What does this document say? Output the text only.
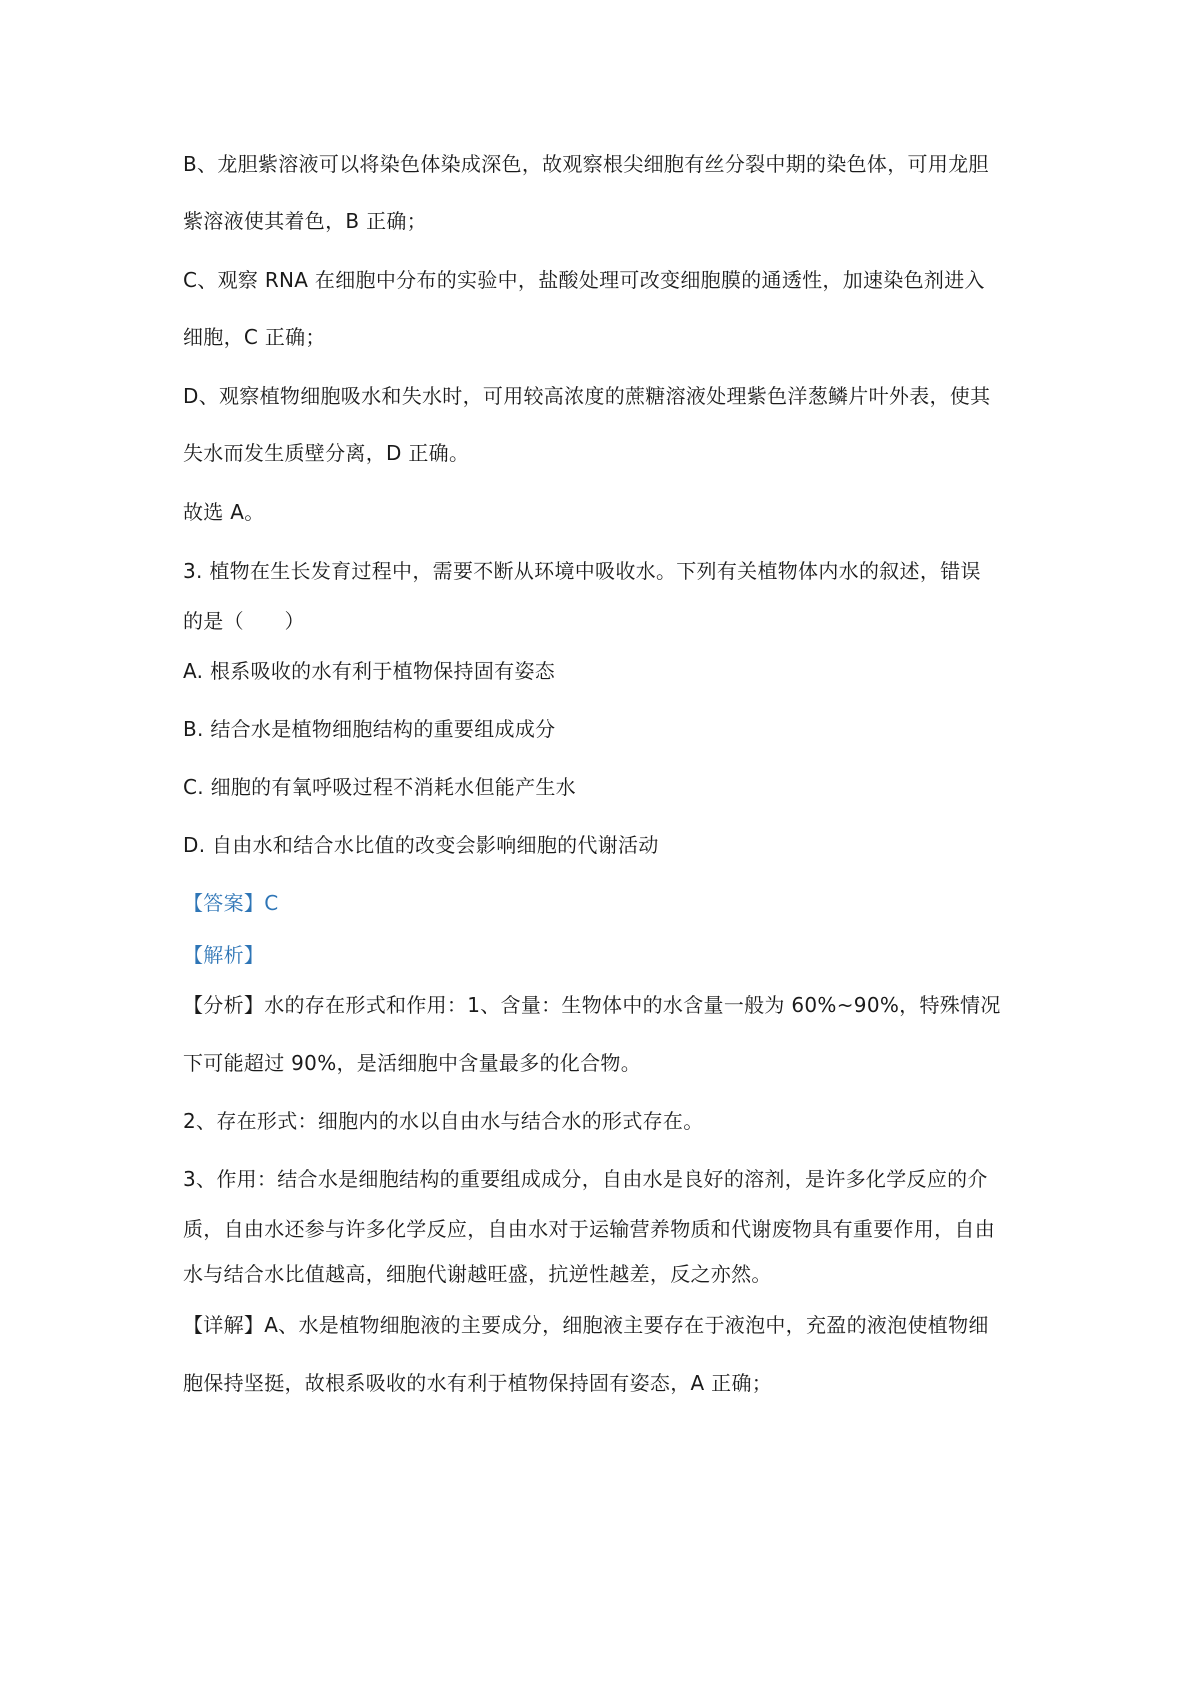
B、龙胆紫溶液可以将染色体染成深色，故观察根尖细胞有丝分裂中期的染色体，可用龙胆
紫溶液使其着色，B 正确；
C、观察 RNA 在细胞中分布的实验中，盐酸处理可改变细胞膜的通透性，加速染色剂进入
细胞，C 正确；
D、观察植物细胞吸水和失水时，可用较高浓度的蔗糖溶液处理紫色洋葱鳞片叶外表，使其
失水而发生质壁分离，D 正确。
故选 A。
3. 植物在生长发育过程中，需要不断从环境中吸收水。下列有关植物体内水的叙述，错误
的是（　　）
A. 根系吸收的水有利于植物保持固有姿态
B. 结合水是植物细胞结构的重要组成成分
C. 细胞的有氧呼吸过程不消耗水但能产生水
D. 自由水和结合水比值的改变会影响细胞的代谢活动
【答案】C
【解析】
【分析】水的存在形式和作用：1、含量：生物体中的水含量一般为 60%~90%，特殊情况
下可能超过 90%，是活细胞中含量最多的化合物。
2、存在形式：细胞内的水以自由水与结合水的形式存在。
3、作用：结合水是细胞结构的重要组成成分，自由水是良好的溶剂，是许多化学反应的介
质，自由水还参与许多化学反应，自由水对于运输营养物质和代谢废物具有重要作用，自由
水与结合水比值越高，细胞代谢越旺盛，抗逆性越差，反之亦然。
【详解】A、水是植物细胞液的主要成分，细胞液主要存在于液泡中，充盈的液泡使植物细
胞保持坚挺，故根系吸收的水有利于植物保持固有姿态，A 正确；
